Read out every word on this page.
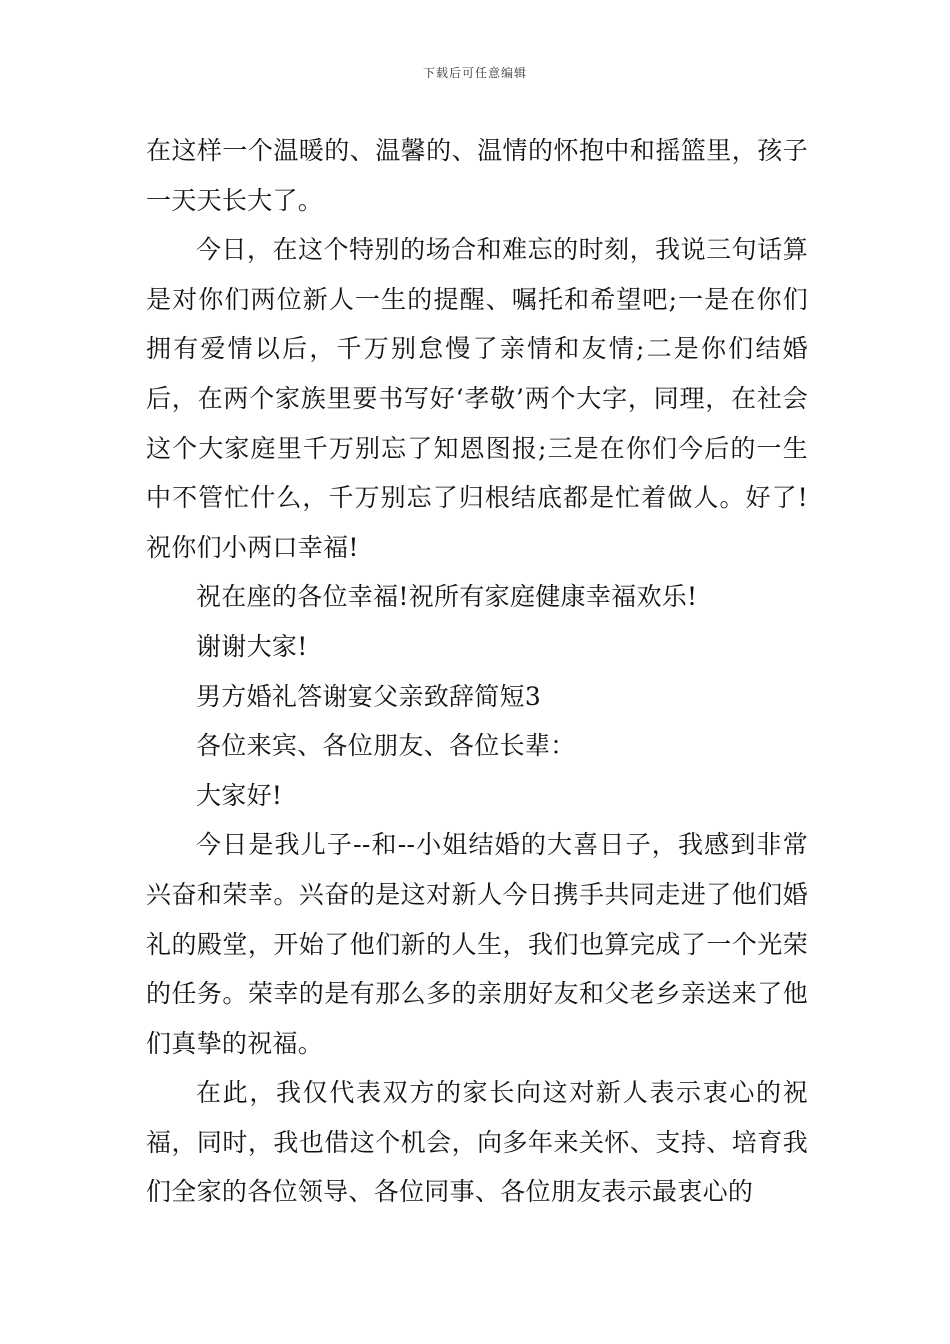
下载后可任意编辑

在这样一个温暖的、温馨的、温情的怀抱中和摇篮里，孩子一天天长大了。

今日，在这个特别的场合和难忘的时刻，我说三句话算是对你们两位新人一生的提醒、嘱托和希望吧;一是在你们拥有爱情以后，千万别怠慢了亲情和友情;二是你们结婚后，在两个家族里要书写好‘孝敬’两个大字，同理，在社会这个大家庭里千万别忘了知恩图报;三是在你们今后的一生中不管忙什么，千万别忘了归根结底都是忙着做人。好了!祝你们小两口幸福!

祝在座的各位幸福!祝所有家庭健康幸福欢乐!

谢谢大家!

男方婚礼答谢宴父亲致辞简短3

各位来宾、各位朋友、各位长辈：

大家好!

今日是我儿子--和--小姐结婚的大喜日子，我感到非常兴奋和荣幸。兴奋的是这对新人今日携手共同走进了他们婚礼的殿堂，开始了他们新的人生，我们也算完成了一个光荣的任务。荣幸的是有那么多的亲朋好友和父老乡亲送来了他们真挚的祝福。

在此，我仅代表双方的家长向这对新人表示衷心的祝福，同时，我也借这个机会，向多年来关怀、支持、培育我们全家的各位领导、各位同事、各位朋友表示最衷心的
